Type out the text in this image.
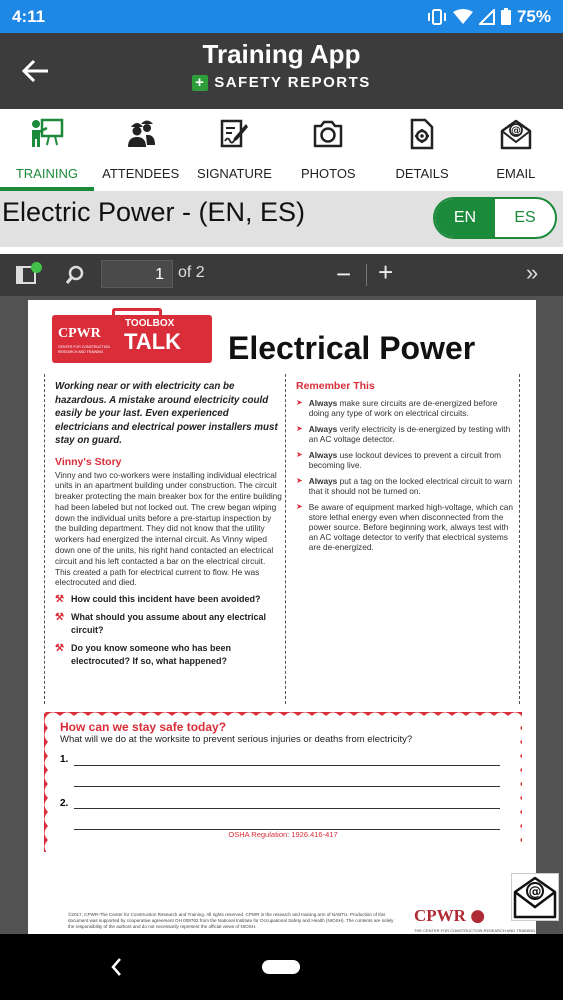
4:11	75%
Training App
+ SAFETY REPORTS
TRAINING ATTENDEES SIGNATURE PHOTOS	DETAILS
@
EMAIL
Electric Power - (EN, ES)	EN	ES
1 of 2	− +	»
CPWR
CENTER FOR CONSTRUCTION RESEARCH AND TRAINING
TOOLBOX
TALK Electrical Power
Working near or with electricity can be hazardous. A mistake around electricity could easily be your last. Even experienced electricians and electrical power installers must stay on guard.
Vinny's Story
Vinny and two co-workers were installing individual electrical units in an apartment building under construction. The circuit breaker protecting the main breaker box for the entire building had been labeled but not locked out. The crew began wiping down the individual units before a pre-startup inspection by the building department. They did not know that the utility workers had energized the internal circuit. As Vinny wiped down one of the units, his right hand contacted an electrical circuit and his left contacted a bar on the electrical circuit. This created a path for electrical current to flow. He was electrocuted and died.
⚒ How could this incident have been avoided?
⚒ What should you assume about any electrical circuit?
⚒ Do you know someone who has been electrocuted? If so, what happened?
Remember This
➤ Always make sure circuits are de-energized before doing any type of work on electrical circuits.
➤ Always verify electricity is de-energized by testing with an AC voltage detector.
➤ Always use lockout devices to prevent a circuit from becoming live.
➤ Always put a tag on the locked electrical circuit to warn that it should not be turned on.
➤ Be aware of equipment marked high-voltage, which can store lethal energy even when disconnected from the power source. Before beginning work, always test with an AC voltage detector to verify that electrical systems are de-energized.
How can we stay safe today?
What will we do at the worksite to prevent serious injuries or deaths from electricity?
1.
2.
OSHA Regulation: 1926.416-417
©2017, CPWR-The Center for Construction Research and Training. All rights reserved. CPWR is the research and training arm of NABTU. Production of this document was supported by cooperative agreement OH 009762 from the National Institute for Occupational Safety and Health (NIOSH). The contents are solely the responsibility of the authors and do not necessarily represent the official views of NIOSH.
CPWR ●
THE CENTER FOR CONSTRUCTION RESEARCH AND TRAINING
@
